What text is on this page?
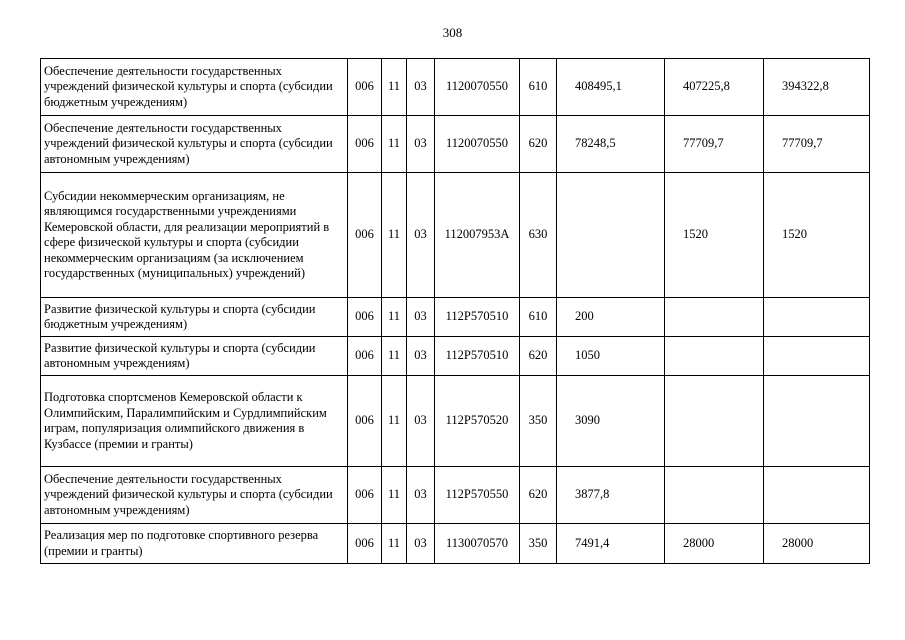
308
Обеспечение деятельности государственных учреждений физической культуры и спорта (субсидии бюджетным учреждениям)	006	11	03	1120070550	610	408495,1	407225,8	394322,8
Обеспечение деятельности государственных учреждений физической культуры и спорта (субсидии автономным учреждениям)	006	11	03	1120070550	620	78248,5	77709,7	77709,7
Субсидии некоммерческим организациям, не являющимся государственными учреждениями Кемеровской области, для реализации мероприятий в сфере физической культуры и спорта (субсидии некоммерческим организациям (за исключением государственных (муниципальных) учреждений)	006	11	03	112007953А	630		1520	1520
Развитие физической культуры и спорта (субсидии бюджетным учреждениям)	006	11	03	112Р570510	610	200		
Развитие физической культуры и спорта (субсидии автономным учреждениям)	006	11	03	112Р570510	620	1050		
Подготовка спортсменов Кемеровской области к Олимпийским, Паралимпийским и Сурдлимпийским играм, популяризация олимпийского движения в Кузбассе (премии и гранты)	006	11	03	112Р570520	350	3090		
Обеспечение деятельности государственных учреждений физической культуры и спорта (субсидии автономным учреждениям)	006	11	03	112Р570550	620	3877,8		
Реализация мер по подготовке спортивного резерва (премии и гранты)	006	11	03	1130070570	350	7491,4	28000	28000
